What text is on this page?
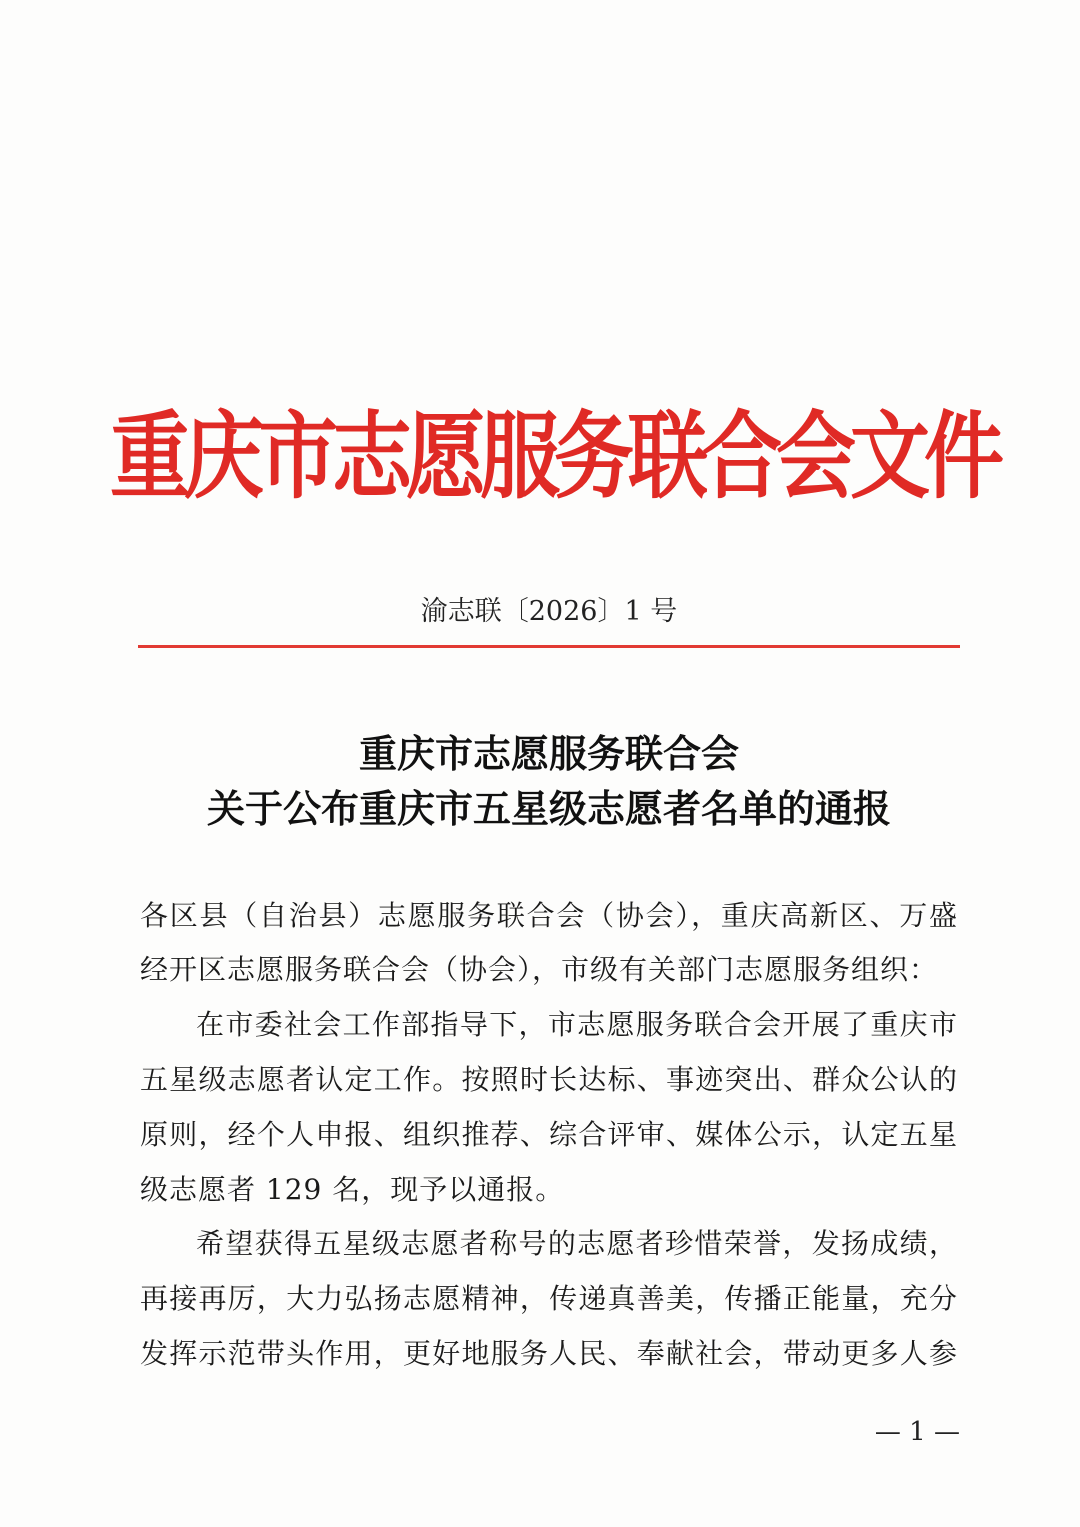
重庆市志愿服务联合会文件
渝志联〔2026〕1 号
重庆市志愿服务联合会
关于公布重庆市五星级志愿者名单的通报
各区县（自治县）志愿服务联合会（协会），重庆高新区、万盛
经开区志愿服务联合会（协会），市级有关部门志愿服务组织：
在市委社会工作部指导下，市志愿服务联合会开展了重庆市
五星级志愿者认定工作。按照时长达标、事迹突出、群众公认的
原则，经个人申报、组织推荐、综合评审、媒体公示，认定五星
级志愿者 129 名，现予以通报。
希望获得五星级志愿者称号的志愿者珍惜荣誉，发扬成绩，
再接再厉，大力弘扬志愿精神，传递真善美，传播正能量，充分
发挥示范带头作用，更好地服务人民、奉献社会，带动更多人参
— 1 —
